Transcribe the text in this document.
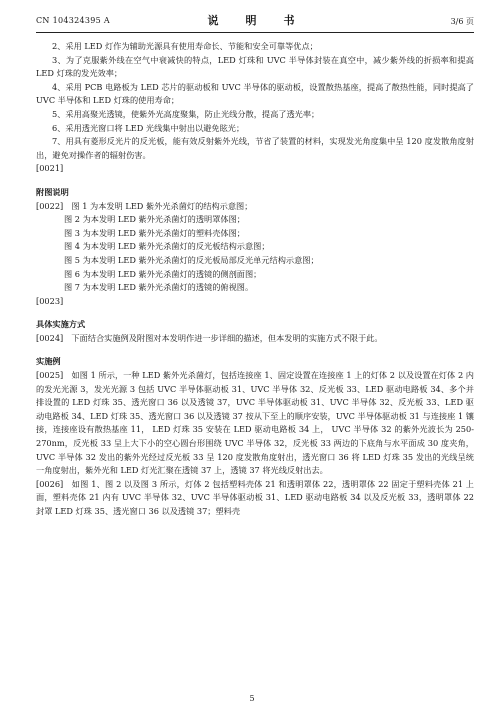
CN 104324395 A	说　明　书	3/6 页

2、采用 LED 灯作为辅助光源具有使用寿命长、节能和安全可靠等优点；

3、为了克服紫外线在空气中衰减快的特点，LED 灯珠和 UVC 半导体封装在真空中，减少紫外线的折损率和提高 LED 灯珠的发光效率；

4、采用 PCB 电路板为 LED 芯片的驱动板和 UVC 半导体的驱动板，设置散热基座，提高了散热性能，同时提高了 UVC 半导体和 LED 灯珠的使用寿命；

5、采用高聚光透镜，使紫外光高度聚集，防止光线分散，提高了透光率；

6、采用透光窗口将 LED 光线集中射出以避免眩光；

7、用具有菱形反光片的反光板，能有效反射紫外光线，节省了装置的材料，实现发光角度集中呈 120 度发散角度射出，避免对操作者的辐射伤害。

[0021]

附图说明

[0022]　 图 1 为本发明 LED 紫外光杀菌灯的结构示意图；

图 2 为本发明 LED 紫外光杀菌灯的透明罩体图；

图 3 为本发明 LED 紫外光杀菌灯的塑料壳体图；

图 4 为本发明 LED 紫外光杀菌灯的反光板结构示意图；

图 5 为本发明 LED 紫外光杀菌灯的反光板局部反光单元结构示意图；

图 6 为本发明 LED 紫外光杀菌灯的透镜的侧剖面图；

图 7 为本发明 LED 紫外光杀菌灯的透镜的俯视图。

[0023]

具体实施方式

[0024]　下面结合实施例及附图对本发明作进一步详细的描述，但本发明的实施方式不限于此。

实施例

[0025]　如图 1 所示，一种 LED 紫外光杀菌灯，包括连接座 1、固定设置在连接座 1 上的灯体 2 以及设置在灯体 2 内的发光光源 3，发光光源 3 包括 UVC 半导体驱动板 31、UVC 半导体 32、反光板 33、LED 驱动电路板 34、多个并排设置的 LED 灯珠 35、透光窗口 36 以及透镜 37，UVC 半导体驱动板 31、UVC 半导体 32、反光板 33、LED 驱动电路板 34、LED 灯珠 35、透光窗口 36 以及透镜 37 按从下至上的顺序安装，UVC 半导体驱动板 31 与连接座 1 镶接，连接座设有散热基座 11， LED 灯珠 35 安装在 LED 驱动电路板 34 上， UVC 半导体 32 的紫外光波长为 250-270nm，反光板 33 呈上大下小的空心圆台形围绕 UVC 半导体 32，反光板 33 两边的下底角与水平面成 30 度夹角，UVC 半导体 32 发出的紫外光经过反光板 33 呈 120 度发散角度射出，透光窗口 36 将 LED 灯珠 35 发出的光线呈统一角度射出，紫外光和 LED 灯光汇聚在透镜 37 上，透镜 37 将光线反射出去。

[0026]　如图 1、图 2 以及图 3 所示，灯体 2 包括塑料壳体 21 和透明罩体 22，透明罩体 22 固定于塑料壳体 21 上面，塑料壳体 21 内有 UVC 半导体 32、UVC 半导体驱动板 31、LED 驱动电路板 34 以及反光板 33，透明罩体 22 封罩 LED 灯珠 35、透光窗口 36 以及透镜 37；塑料壳

5
